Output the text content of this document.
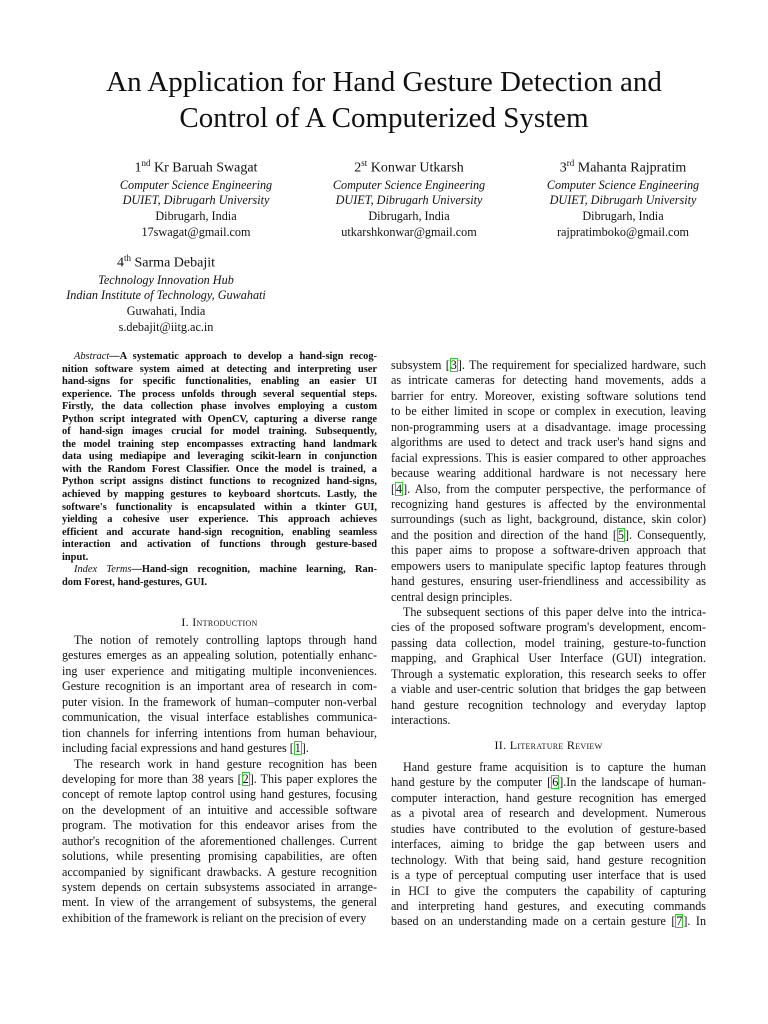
An Application for Hand Gesture Detection and
Control of A Computerized System
1nd Kr Baruah Swagat
Computer Science Engineering
DUIET, Dibrugarh University
Dibrugarh, India
17swagat@gmail.com
2st Konwar Utkarsh
Computer Science Engineering
DUIET, Dibrugarh University
Dibrugarh, India
utkarshkonwar@gmail.com
3rd Mahanta Rajpratim
Computer Science Engineering
DUIET, Dibrugarh University
Dibrugarh, India
rajpratimboko@gmail.com
4th Sarma Debajit
Technology Innovation Hub
Indian Institute of Technology, Guwahati
Guwahati, India
s.debajit@iitg.ac.in
Abstract—A systematic approach to develop a hand-sign recog-
nition software system aimed at detecting and interpreting user
hand-signs for specific functionalities, enabling an easier UI
experience. The process unfolds through several sequential steps.
Firstly, the data collection phase involves employing a custom
Python script integrated with OpenCV, capturing a diverse range
of hand-sign images crucial for model training. Subsequently,
the model training step encompasses extracting hand landmark
data using mediapipe and leveraging scikit-learn in conjunction
with the Random Forest Classifier. Once the model is trained, a
Python script assigns distinct functions to recognized hand-signs,
achieved by mapping gestures to keyboard shortcuts. Lastly, the
software's functionality is encapsulated within a tkinter GUI,
yielding a cohesive user experience. This approach achieves
efficient and accurate hand-sign recognition, enabling seamless
interaction and activation of functions through gesture-based
input.
Index Terms—Hand-sign recognition, machine learning, Ran-
dom Forest, hand-gestures, GUI.
I. Introduction
The notion of remotely controlling laptops through hand
gestures emerges as an appealing solution, potentially enhanc-
ing user experience and mitigating multiple inconveniences.
Gesture recognition is an important area of research in com-
puter vision. In the framework of human–computer non-verbal
communication, the visual interface establishes communica-
tion channels for inferring intentions from human behaviour,
including facial expressions and hand gestures [1].
The research work in hand gesture recognition has been
developing for more than 38 years [2]. This paper explores the
concept of remote laptop control using hand gestures, focusing
on the development of an intuitive and accessible software
program. The motivation for this endeavor arises from the
author's recognition of the aforementioned challenges. Current
solutions, while presenting promising capabilities, are often
accompanied by significant drawbacks. A gesture recognition
system depends on certain subsystems associated in arrange-
ment. In view of the arrangement of subsystems, the general
exhibition of the framework is reliant on the precision of every
subsystem [3]. The requirement for specialized hardware, such
as intricate cameras for detecting hand movements, adds a
barrier for entry. Moreover, existing software solutions tend
to be either limited in scope or complex in execution, leaving
non-programming users at a disadvantage. image processing
algorithms are used to detect and track user's hand signs and
facial expressions. This is easier compared to other approaches
because wearing additional hardware is not necessary here
[4]. Also, from the computer perspective, the performance of
recognizing hand gestures is affected by the environmental
surroundings (such as light, background, distance, skin color)
and the position and direction of the hand [5]. Consequently,
this paper aims to propose a software-driven approach that
empowers users to manipulate specific laptop features through
hand gestures, ensuring user-friendliness and accessibility as
central design principles.
The subsequent sections of this paper delve into the intrica-
cies of the proposed software program's development, encom-
passing data collection, model training, gesture-to-function
mapping, and Graphical User Interface (GUI) integration.
Through a systematic exploration, this research seeks to offer
a viable and user-centric solution that bridges the gap between
hand gesture recognition technology and everyday laptop
interactions.
II. Literature Review
Hand gesture frame acquisition is to capture the human
hand gesture by the computer [6].In the landscape of human-
computer interaction, hand gesture recognition has emerged
as a pivotal area of research and development. Numerous
studies have contributed to the evolution of gesture-based
interfaces, aiming to bridge the gap between users and
technology. With that being said, hand gesture recognition
is a type of perceptual computing user interface that is used
in HCI to give the computers the capability of capturing
and interpreting hand gestures, and executing commands
based on an understanding made on a certain gesture [7]. In
